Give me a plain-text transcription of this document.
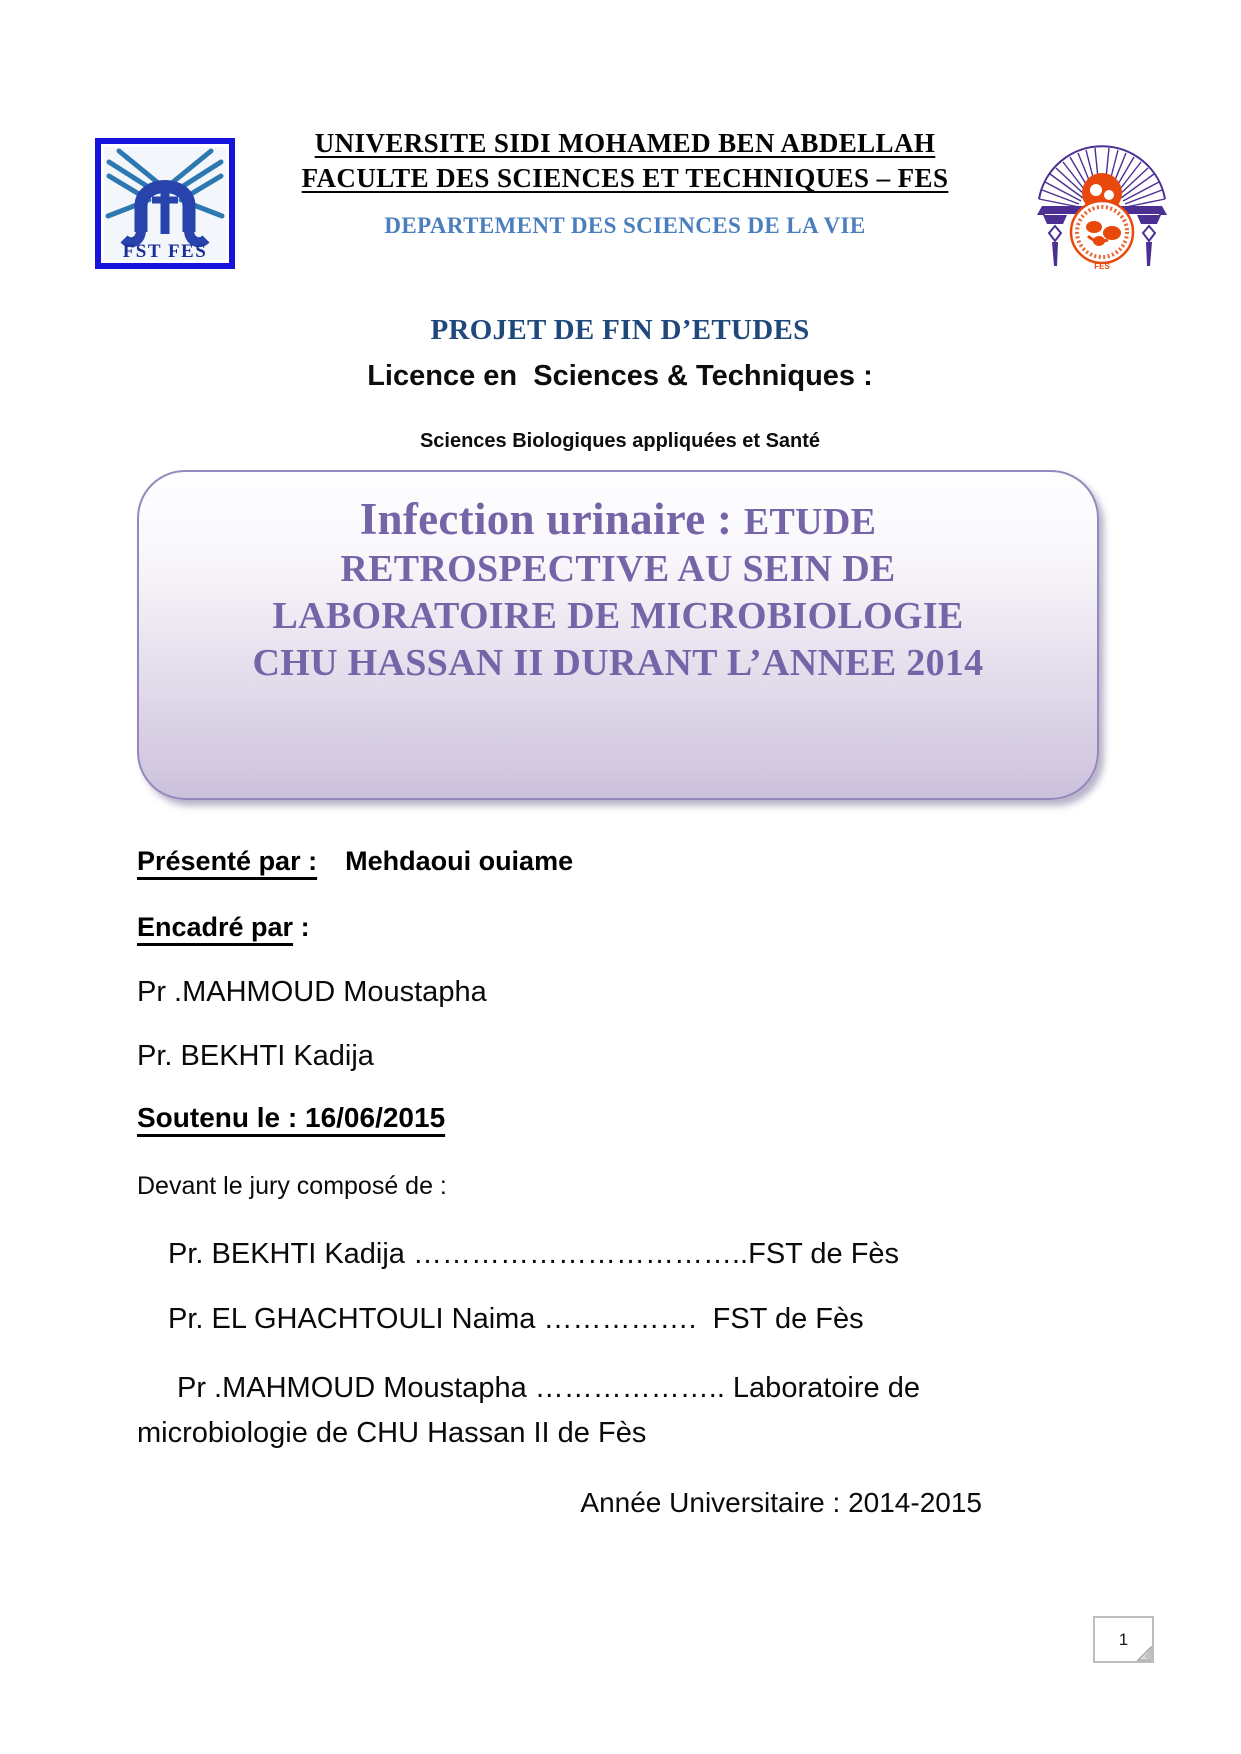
FST FES
UNIVERSITE SIDI MOHAMED BEN ABDELLAH
FACULTE DES SCIENCES ET TECHNIQUES – FES
DEPARTEMENT DES SCIENCES DE LA VIE
FES
PROJET DE FIN D’ETUDES
Licence en  Sciences & Techniques :
Sciences Biologiques appliquées et Santé
Infection urinaire : ETUDE
RETROSPECTIVE AU SEIN DE
LABORATOIRE DE MICROBIOLOGIE
CHU HASSAN II DURANT L’ANNEE 2014
Présenté par : Mehdaoui ouiame
Encadré par :
Pr .MAHMOUD Moustapha
Pr. BEKHTI Kadija
Soutenu le : 16/06/2015
Devant le jury composé de :
Pr. BEKHTI Kadija ……………………………..FST de Fès
Pr. EL GHACHTOULI Naima …………….  FST de Fès
Pr .MAHMOUD Moustapha ……………….. Laboratoire de microbiologie de CHU Hassan II de Fès
Année Universitaire : 2014-2015
1
